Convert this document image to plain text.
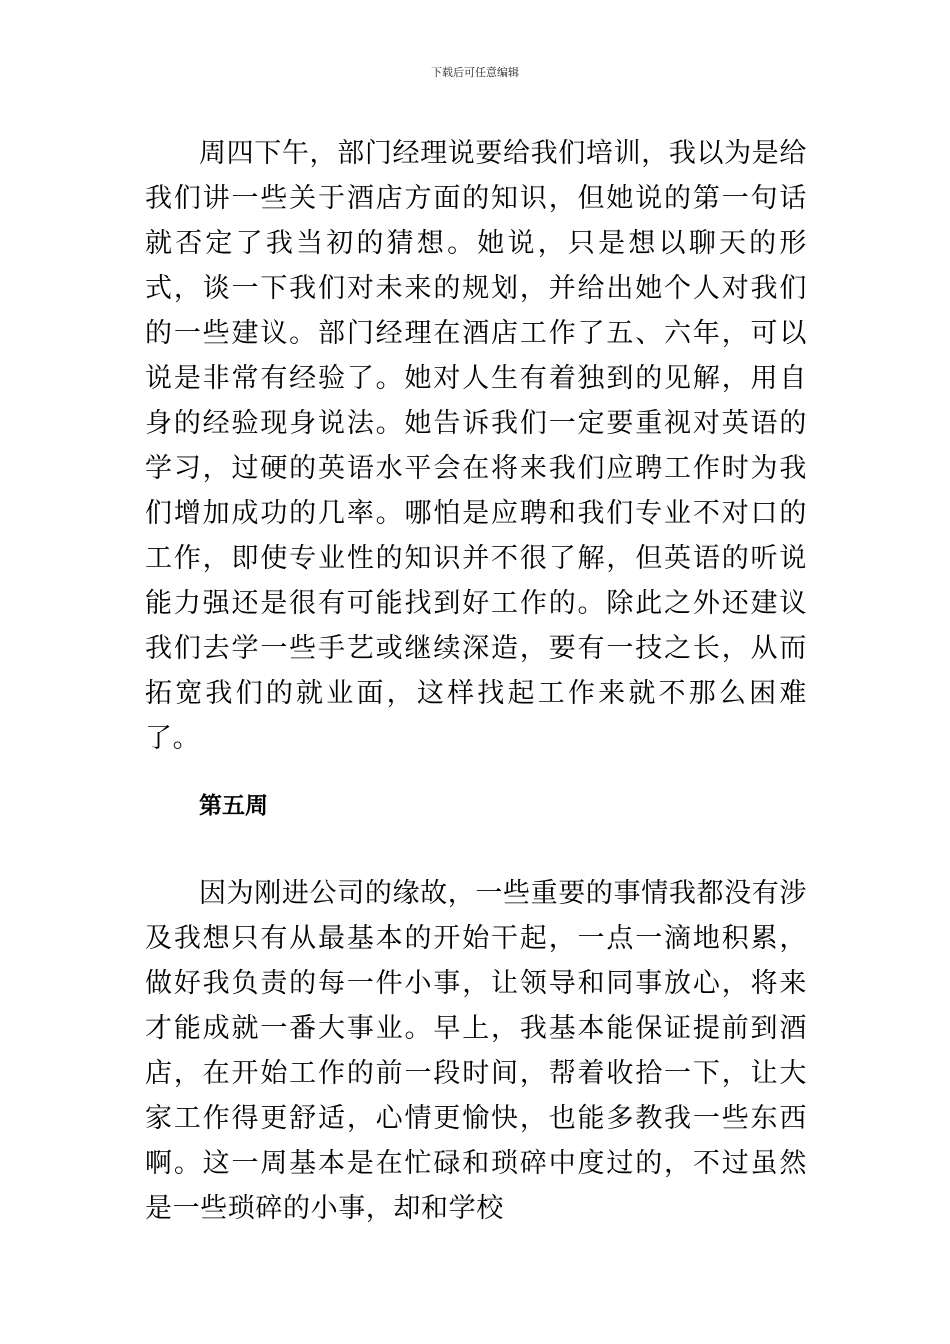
下载后可任意编辑

周四下午，部门经理说要给我们培训，我以为是给我们讲一些关于酒店方面的知识，但她说的第一句话就否定了我当初的猜想。她说，只是想以聊天的形式，谈一下我们对未来的规划，并给出她个人对我们的一些建议。部门经理在酒店工作了五、六年，可以说是非常有经验了。她对人生有着独到的见解，用自身的经验现身说法。她告诉我们一定要重视对英语的学习，过硬的英语水平会在将来我们应聘工作时为我们增加成功的几率。哪怕是应聘和我们专业不对口的工作，即使专业性的知识并不很了解，但英语的听说能力强还是很有可能找到好工作的。除此之外还建议我们去学一些手艺或继续深造，要有一技之长，从而拓宽我们的就业面，这样找起工作来就不那么困难了。

第五周

因为刚进公司的缘故，一些重要的事情我都没有涉及我想只有从最基本的开始干起，一点一滴地积累，做好我负责的每一件小事，让领导和同事放心，将来才能成就一番大事业。早上，我基本能保证提前到酒店，在开始工作的前一段时间，帮着收拾一下，让大家工作得更舒适，心情更愉快，也能多教我一些东西啊。这一周基本是在忙碌和琐碎中度过的，不过虽然是一些琐碎的小事，却和学校
